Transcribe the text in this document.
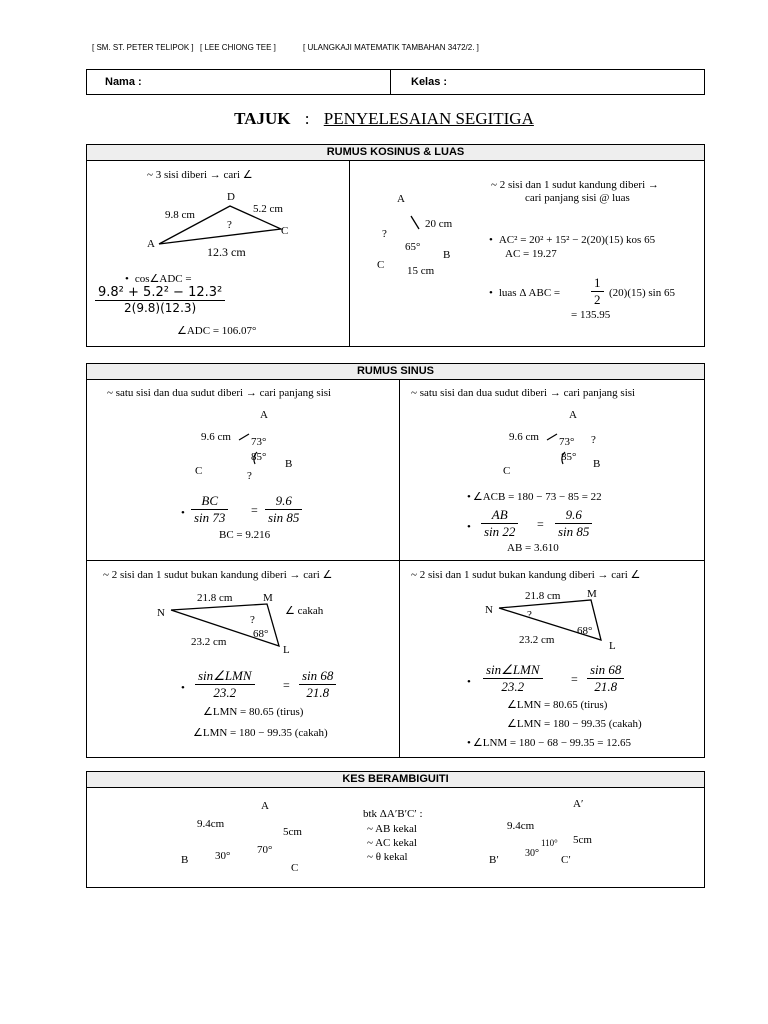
[ SM. ST. PETER TELIPOK ] [ LEE CHIONG TEE ]	[ ULANGKAJI MATEMATIK TAMBAHAN 3472/2. ]
Nama :	Kelas :
TAJUK : PENYELESAIAN SEGITIGA
RUMUS KOSINUS & LUAS
~ 3 sisi diberi → cari ∠
D
A
C
?
9.8 cm	5.2 cm
12.3 cm
• cos∠ADC =
$\frac{\text{9.8² + 5.2² − 12.3²}}{2(9.8)(12.3)}$
∠ADC = 106.07°
~ 2 sisi dan 1 sudut kandung diberi →
cari panjang sisi @ luas
A
20 cm
?
65°
B
C 15 cm
• AC² = 20² + 15² − 2(20)(15) kos 65
AC = 19.27
• luas Δ ABC = $\frac{1}{2} (20)(15)$ sin 65
= 135.95
RUMUS SINUS
~ satu sisi dan dua sudut diberi → cari panjang sisi
A
9.6 cm 73°
85°
B
C	?
•
$\frac{BC}{\sin 73} = \frac{9.6}{\sin 85}$
BC = 9.216
~ satu sisi dan dua sudut diberi → cari panjang sisi
A
9.6 cm 73° ?
85°
B
C
• ∠ACB = 180 − 73 − 85 = 22
•
$\frac{AB}{\sin 22} = \frac{9.6}{\sin 85}$
AB = 3.610
~ 2 sisi dan 1 sudut bukan kandung diberi → cari ∠
N
21.8 cm	M
∠ cakah
?
68°
23.2 cm
L
•
sin∠LMN
23.2	= $\frac{\sin 68}{21.8}$
∠LMN = 80.65 (tirus)
∠LMN = 180 − 99.35 (cakah)
~ 2 sisi dan 1 sudut bukan kandung diberi → cari ∠
N
21.8 cm M
?
68°
23.2 cm	L
•
sin∠LMN
23.2	= $\frac{\sin 68}{21.8}$
∠LMN = 80.65 (tirus)
∠LMN = 180 − 99.35 (cakah)
• ∠LNM = 180 − 68 − 99.35 = 12.65
KES BERAMBIGUITI
A
9.4cm
5cm
70°
30°
B
C
btk ΔA′B′C′ :
~ AB kekal
~ AC kekal
~ θ kekal
A′
9.4cm
5cm
110°
30°
B′	C′
